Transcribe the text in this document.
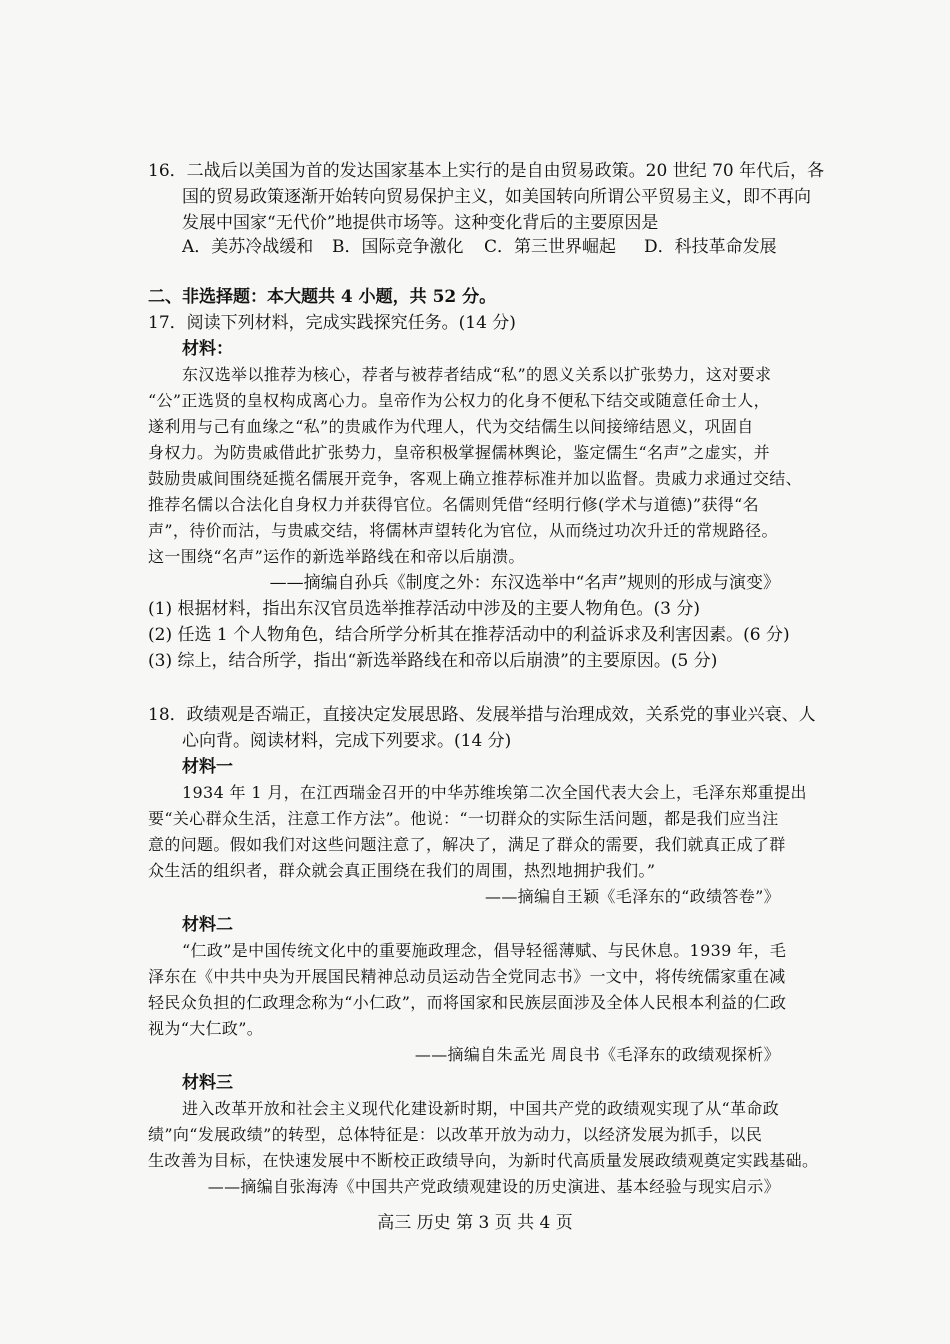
16．二战后以美国为首的发达国家基本上实行的是自由贸易政策。20 世纪 70 年代后，各
国的贸易政策逐渐开始转向贸易保护主义，如美国转向所谓公平贸易主义，即不再向
发展中国家“无代价”地提供市场等。这种变化背后的主要原因是
A．美苏冷战缓和 B．国际竞争激化 C．第三世界崛起 D．科技革命发展
二、非选择题：本大题共 4 小题，共 52 分。
17．阅读下列材料，完成实践探究任务。(14 分)
材料：
东汉选举以推荐为核心，荐者与被荐者结成“私”的恩义关系以扩张势力，这对要求
“公”正选贤的皇权构成离心力。皇帝作为公权力的化身不便私下结交或随意任命士人，
遂利用与己有血缘之“私”的贵戚作为代理人，代为交结儒生以间接缔结恩义，巩固自
身权力。为防贵戚借此扩张势力，皇帝积极掌握儒林舆论，鉴定儒生“名声”之虚实，并
鼓励贵戚间围绕延揽名儒展开竞争，客观上确立推荐标准并加以监督。贵戚力求通过交结、
推荐名儒以合法化自身权力并获得官位。名儒则凭借“经明行修(学术与道德)”获得“名
声”，待价而沽，与贵戚交结，将儒林声望转化为官位，从而绕过功次升迁的常规路径。
这一围绕“名声”运作的新选举路线在和帝以后崩溃。
——摘编自孙兵《制度之外：东汉选举中“名声”规则的形成与演变》
(1) 根据材料，指出东汉官员选举推荐活动中涉及的主要人物角色。(3 分)
(2) 任选 1 个人物角色，结合所学分析其在推荐活动中的利益诉求及利害因素。(6 分)
(3) 综上，结合所学，指出“新选举路线在和帝以后崩溃”的主要原因。(5 分)
18．政绩观是否端正，直接决定发展思路、发展举措与治理成效，关系党的事业兴衰、人
心向背。阅读材料，完成下列要求。(14 分)
材料一
1934 年 1 月，在江西瑞金召开的中华苏维埃第二次全国代表大会上，毛泽东郑重提出
要“关心群众生活，注意工作方法”。他说：“一切群众的实际生活问题，都是我们应当注
意的问题。假如我们对这些问题注意了，解决了，满足了群众的需要，我们就真正成了群
众生活的组织者，群众就会真正围绕在我们的周围，热烈地拥护我们。”
——摘编自王颖《毛泽东的“政绩答卷”》
材料二
“仁政”是中国传统文化中的重要施政理念，倡导轻徭薄赋、与民休息。1939 年，毛
泽东在《中共中央为开展国民精神总动员运动告全党同志书》一文中，将传统儒家重在减
轻民众负担的仁政理念称为“小仁政”，而将国家和民族层面涉及全体人民根本利益的仁政
视为“大仁政”。
——摘编自朱孟光 周良书《毛泽东的政绩观探析》
材料三
进入改革开放和社会主义现代化建设新时期，中国共产党的政绩观实现了从“革命政
绩”向“发展政绩”的转型，总体特征是：以改革开放为动力，以经济发展为抓手，以民
生改善为目标，在快速发展中不断校正政绩导向，为新时代高质量发展政绩观奠定实践基础。
——摘编自张海涛《中国共产党政绩观建设的历史演进、基本经验与现实启示》
高三 历史 第 3 页 共 4 页
